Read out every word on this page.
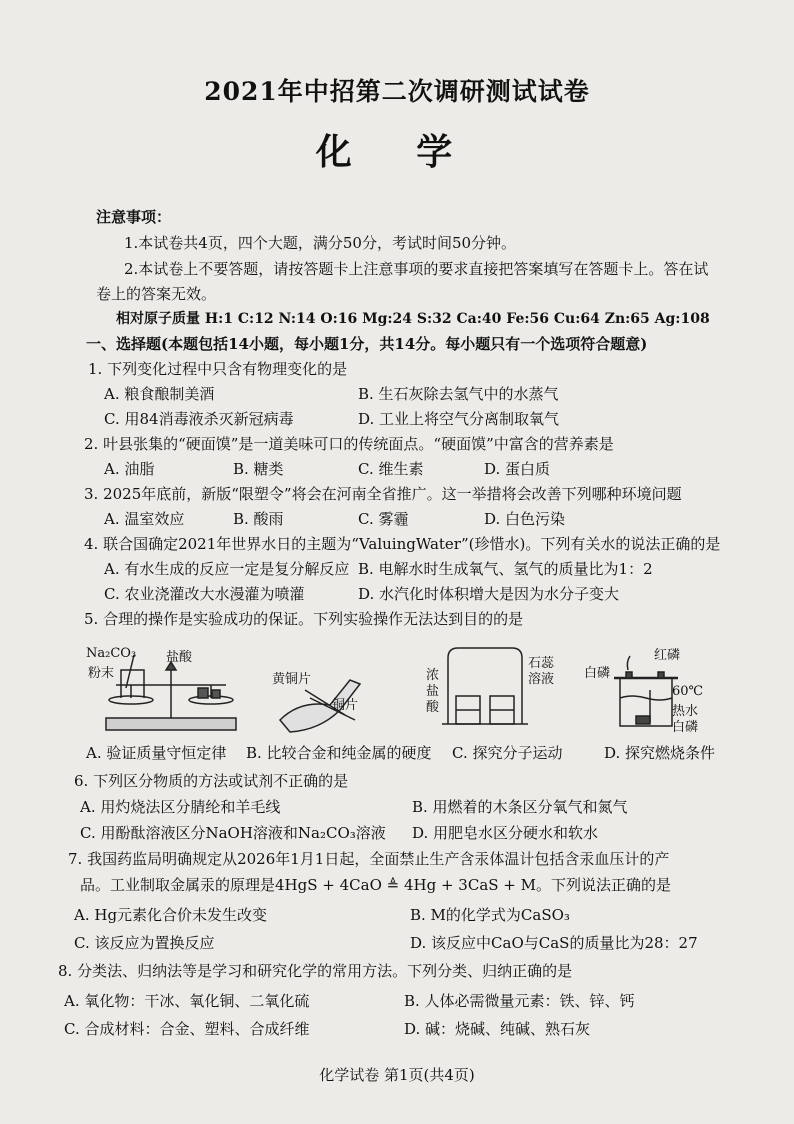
2021年中招第二次调研测试试卷
化 学
注意事项：
1.本试卷共4页，四个大题，满分50分，考试时间50分钟。
2.本试卷上不要答题，请按答题卡上注意事项的要求直接把答案填写在答题卡上。答在试
卷上的答案无效。
相对原子质量 H:1 C:12 N:14 O:16 Mg:24 S:32 Ca:40 Fe:56 Cu:64 Zn:65 Ag:108
一、选择题(本题包括14小题，每小题1分，共14分。每小题只有一个选项符合题意)
1. 下列变化过程中只含有物理变化的是
A. 粮食酿制美酒	B. 生石灰除去氢气中的水蒸气
C. 用84消毒液杀灭新冠病毒	D. 工业上将空气分离制取氧气
2. 叶县张集的“硬面馍”是一道美味可口的传统面点。“硬面馍”中富含的营养素是
A. 油脂	B. 糖类	C. 维生素	D. 蛋白质
3. 2025年底前，新版“限塑令”将会在河南全省推广。这一举措将会改善下列哪种环境问题
A. 温室效应	B. 酸雨	C. 雾霾	D. 白色污染
4. 联合国确定2021年世界水日的主题为“ValuingWater”(珍惜水)。下列有关水的说法正确的是
A. 有水生成的反应一定是复分解反应 B. 电解水时生成氧气、氢气的质量比为1：2
C. 农业浇灌改大水漫灌为喷灌	D. 水汽化时体积增大是因为水分子变大
5. 合理的操作是实验成功的保证。下列实验操作无法达到目的的是
Na₂CO₃
粉末
盐酸
黄铜片
铜片
浓
盐
酸
石蕊
溶液
红磷
白磷
60℃
热水
白磷
A. 验证质量守恒定律 B. 比较合金和纯金属的硬度 C. 探究分子运动	D. 探究燃烧条件
6. 下列区分物质的方法或试剂不正确的是
A. 用灼烧法区分腈纶和羊毛线	B. 用燃着的木条区分氧气和氮气
C. 用酚酞溶液区分NaOH溶液和Na₂CO₃溶液 D. 用肥皂水区分硬水和软水
7. 我国药监局明确规定从2026年1月1日起，全面禁止生产含汞体温计包括含汞血压计的产
品。工业制取金属汞的原理是4HgS + 4CaO ≜ 4Hg + 3CaS + M。下列说法正确的是
A. Hg元素化合价未发生改变	B. M的化学式为CaSO₃
C. 该反应为置换反应	D. 该反应中CaO与CaS的质量比为28：27
8. 分类法、归纳法等是学习和研究化学的常用方法。下列分类、归纳正确的是
A. 氧化物：干冰、氧化铜、二氧化硫	B. 人体必需微量元素：铁、锌、钙
C. 合成材料：合金、塑料、合成纤维	D. 碱：烧碱、纯碱、熟石灰
化学试卷 第1页(共4页)
